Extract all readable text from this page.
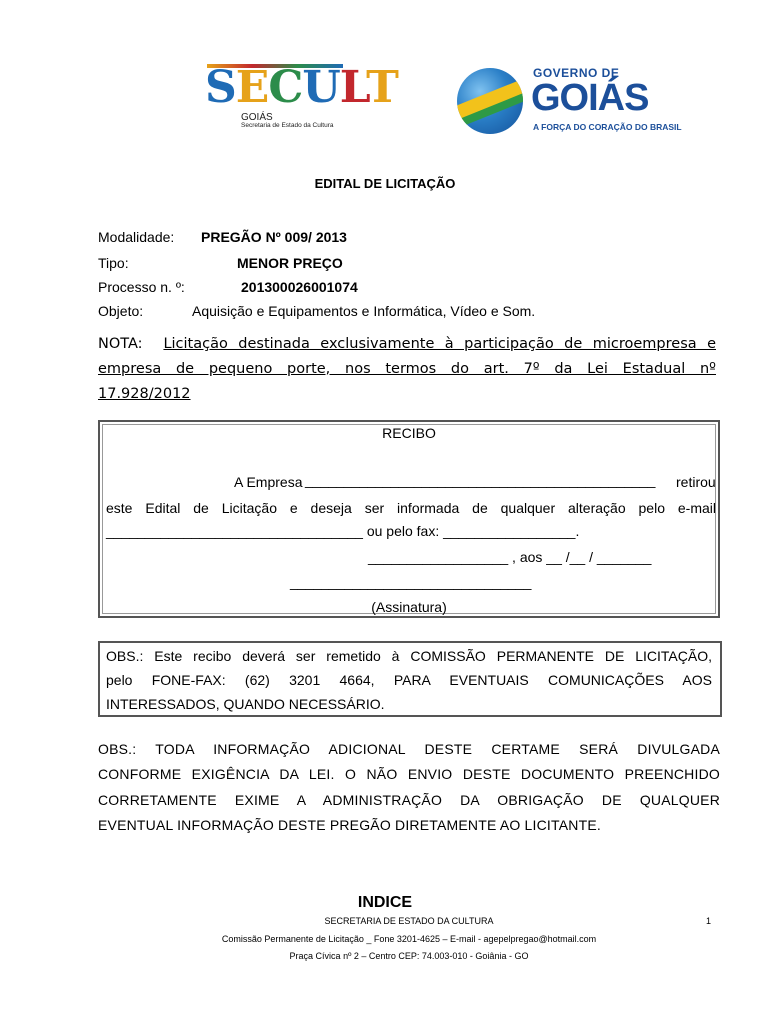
SECULT
GOIÁS
Secretaria de Estado da Cultura
GOVERNO DE
GOIÁS
A FORÇA DO CORAÇÃO DO BRASIL
EDITAL DE LICITAÇÃO
Modalidade: PREGÃO Nº 009/ 2013
Tipo:	MENOR PREÇO
Processo n. º:	201300026001074
Objeto:	Aquisição e Equipamentos e Informática, Vídeo e Som.
NOTA: Licitação destinada exclusivamente à participação de microempresa e
empresa de pequeno porte, nos termos do art. 7º da Lei Estadual nº
17.928/2012
RECIBO
A Empresa _____________________________________________ retirou
este Edital de Licitação e deseja ser informada de qualquer alteração pelo e-mail
_________________________________ ou pelo fax: _________________.
__________________ , aos __ /__ / _______
_______________________________
(Assinatura)
OBS.: Este recibo deverá ser remetido à COMISSÃO PERMANENTE DE LICITAÇÃO,
pelo FONE-FAX: (62) 3201 4664, PARA EVENTUAIS COMUNICAÇÕES AOS
INTERESSADOS, QUANDO NECESSÁRIO.
OBS.: TODA INFORMAÇÃO ADICIONAL DESTE CERTAME SERÁ DIVULGADA
CONFORME EXIGÊNCIA DA LEI. O NÃO ENVIO DESTE DOCUMENTO PREENCHIDO
CORRETAMENTE EXIME A ADMINISTRAÇÃO DA OBRIGAÇÃO DE QUALQUER
EVENTUAL INFORMAÇÃO DESTE PREGÃO DIRETAMENTE AO LICITANTE.
INDICE
SECRETARIA DE ESTADO DA CULTURA	1
Comissão Permanente de Licitação _ Fone 3201-4625 – E-mail - agepelpregao@hotmail.com
Praça Cívica nº 2 – Centro CEP: 74.003-010 - Goiânia - GO
